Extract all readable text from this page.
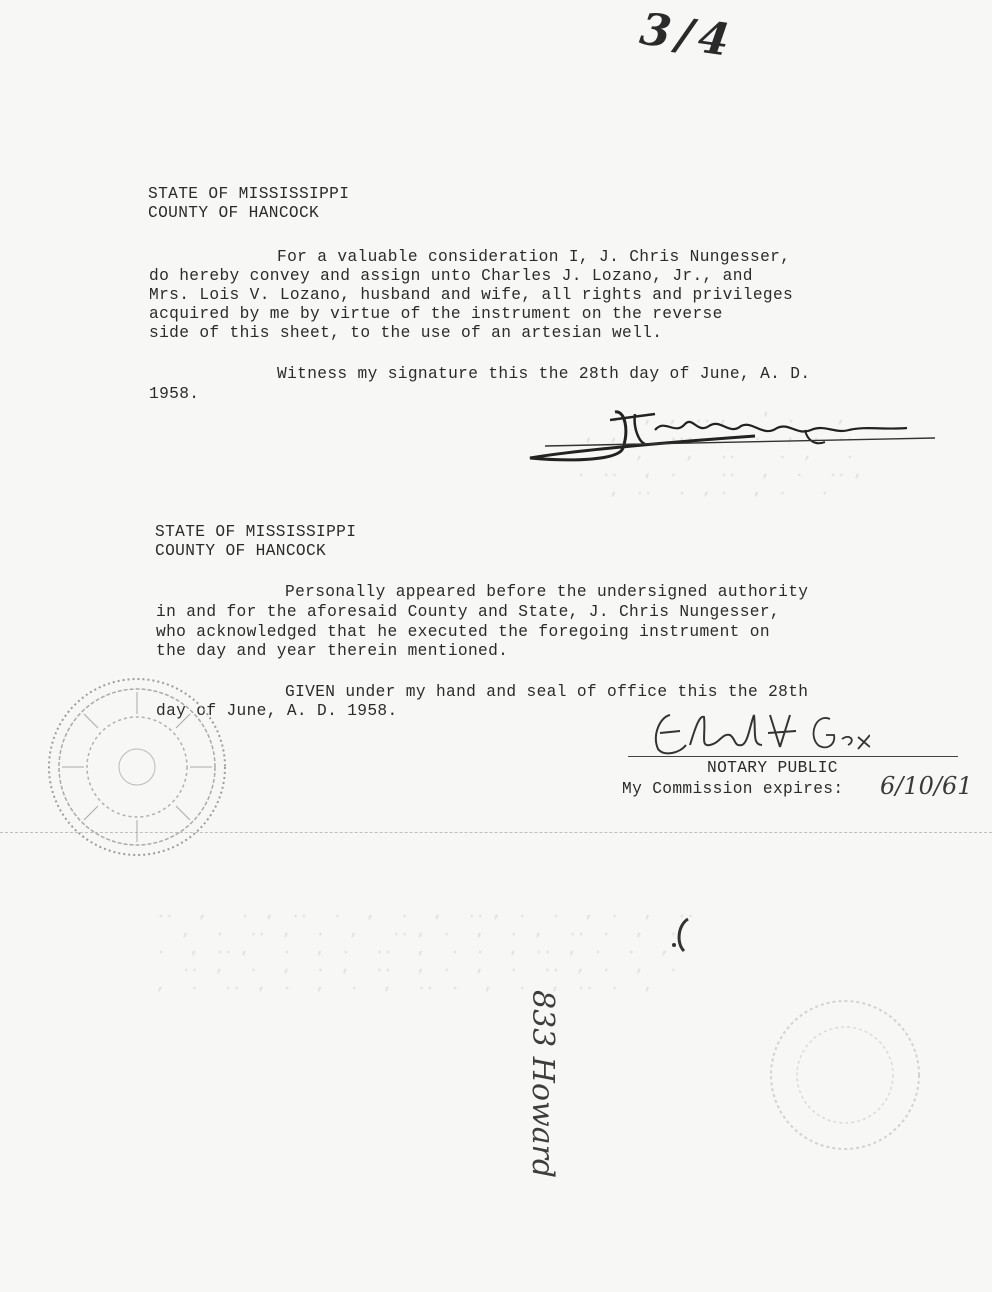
..  ,  ,  .. ,    '  .     ,
,  ,  .   ...  .    .   ,  .  ..
.   ,     ,   ..     .  ,    .
.  ..   ,  .     ..   ,   .   .. ,
,  ..   .  , .   ,  .    .
..   ,    .  ,  ..   .   ,   .   ,   .. ,  .   .   ,  .   ,   ..
,   .   ..  ,   .   ,    .. ,  .   ,   .  ,   ..  .   ,   .
.   ,  .. ,    .   ,  .   ..   ,   .  .   ,  ..  ,  .   .   ,
..  ,   .   ,   .  ,   ..   ,  .   ,   .   ..  ,  .   ,   .
,   .   ..  ,  .   ,   .   ,   ..  .   ,   .   ,  ..  .   ,
3/4
STATE OF MISSISSIPPI
COUNTY OF HANCOCK
For a valuable consideration I, J. Chris Nungesser,
do hereby convey and assign unto Charles J. Lozano, Jr., and
Mrs. Lois V. Lozano, husband and wife, all rights and privileges
acquired by me by virtue of the instrument on the reverse
side of this sheet, to the use of an artesian well.
Witness my signature this the 28th day of June, A. D.
1958.
STATE OF MISSISSIPPI
COUNTY OF HANCOCK
Personally appeared before the undersigned authority
in and for the aforesaid County and State, J. Chris Nungesser,
who acknowledged that he executed the foregoing instrument on
the day and year therein mentioned.
GIVEN under my hand and seal of office this the 28th
day of June, A. D. 1958.
NOTARY PUBLIC
My Commission expires: 6/10/61
833 Howard
